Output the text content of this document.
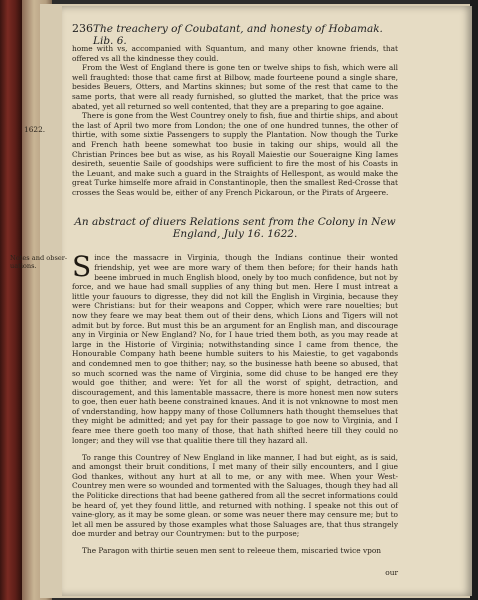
236 The treachery of Coubatant, and honesty of Hobamak. Lib. 6.

home with vs, accompanied with Squantum, and many other knowne friends, that offered vs all the kindnesse they could.

From the West of England there is gone ten or twelve ships to fish, which were all well fraughted: those that came first at Bilbow, made fourteene pound a single share, besides Beuers, Otters, and Martins skinnes; but some of the rest that came to the same ports, that were all ready furnished, so glutted the market, that the price was abated, yet all returned so well contented, that they are a preparing to goe againe.

There is gone from the West Countrey onely to fish, fiue and thirtie ships, and about the last of April two more from London; the one of one hundred tunnes, the other of thirtie, with some sixtie Passengers to supply the Plantation. Now though the Turke and French hath beene somewhat too busie in taking our ships, would all the Christian Princes bee but as wise, as his Royall Maiestie our Soueraigne King Iames desireth, seuentie Saile of goodships were sufficient to fire the most of his Coasts in the Leuant, and make such a guard in the Straights of Hellespont, as would make the great Turke himselfe more afraid in Constantinople, then the smallest Red-Crosse that crosses the Seas would be, either of any French Pickaroun, or the Pirats of Argeere.

1622.
An abstract of diuers Relations sent from the Colony in New England, July 16. 1622.
Notes and obser-uations.	Since the massacre in Virginia, though the Indians continue their wonted friendship, yet wee are more wary of them then before; for their hands hath beene imbrued in much English blood, onely by too much confidence, but not by force, and we haue had small supplies of any thing but men. Here I must intreat a little your fauours to digresse, they did not kill the English in Virginia, because they were Christians: but for their weapons and Copper, which were rare nouelties; but now they feare we may beat them out of their dens, which Lions and Tigers will not admit but by force. But must this be an argument for an English man, and discourage any in Virginia or New England? No, for I haue tried them both, as you may reade at large in the Historie of Virginia; notwithstanding since I came from thence, the Honourable Company hath beene humble suiters to his Maiestie, to get vagabonds and condemned men to goe thither; nay, so the businesse hath beene so abused, that so much scorned was the name of Virginia, some did chuse to be hanged ere they would goe thither, and were: Yet for all the worst of spight, detraction, and discouragement, and this lamentable massacre, there is more honest men now suters to goe, then euer hath beene constrained knaues. And it is not vnknowne to most men of vnderstanding, how happy many of those Collumners hath thought themselues that they might be admitted; and yet pay for their passage to goe now to Virginia, and I feare mee there goeth too many of those, that hath shifted heere till they could no longer; and they will vse that qualitie there till they hazard all.

To range this Countrey of New England in like manner, I had but eight, as is said, and amongst their bruit conditions, I met many of their silly encounters, and I giue God thankes, without any hurt at all to me, or any with mee. When your West-Countrey men were so wounded and tormented with the Saluages, though they had all the Politicke directions that had beene gathered from all the secret informations could be heard of, yet they found little, and returned with nothing. I speake not this out of vaine-glory, as it may be some glean. or some was neuer there may censure me; but to let all men be assured by those examples what those Saluages are, that thus strangely doe murder and betray our Countrymen: but to the purpose;

The Paragon with thirtie seuen men sent to releeue them, miscaried twice vpon

our
